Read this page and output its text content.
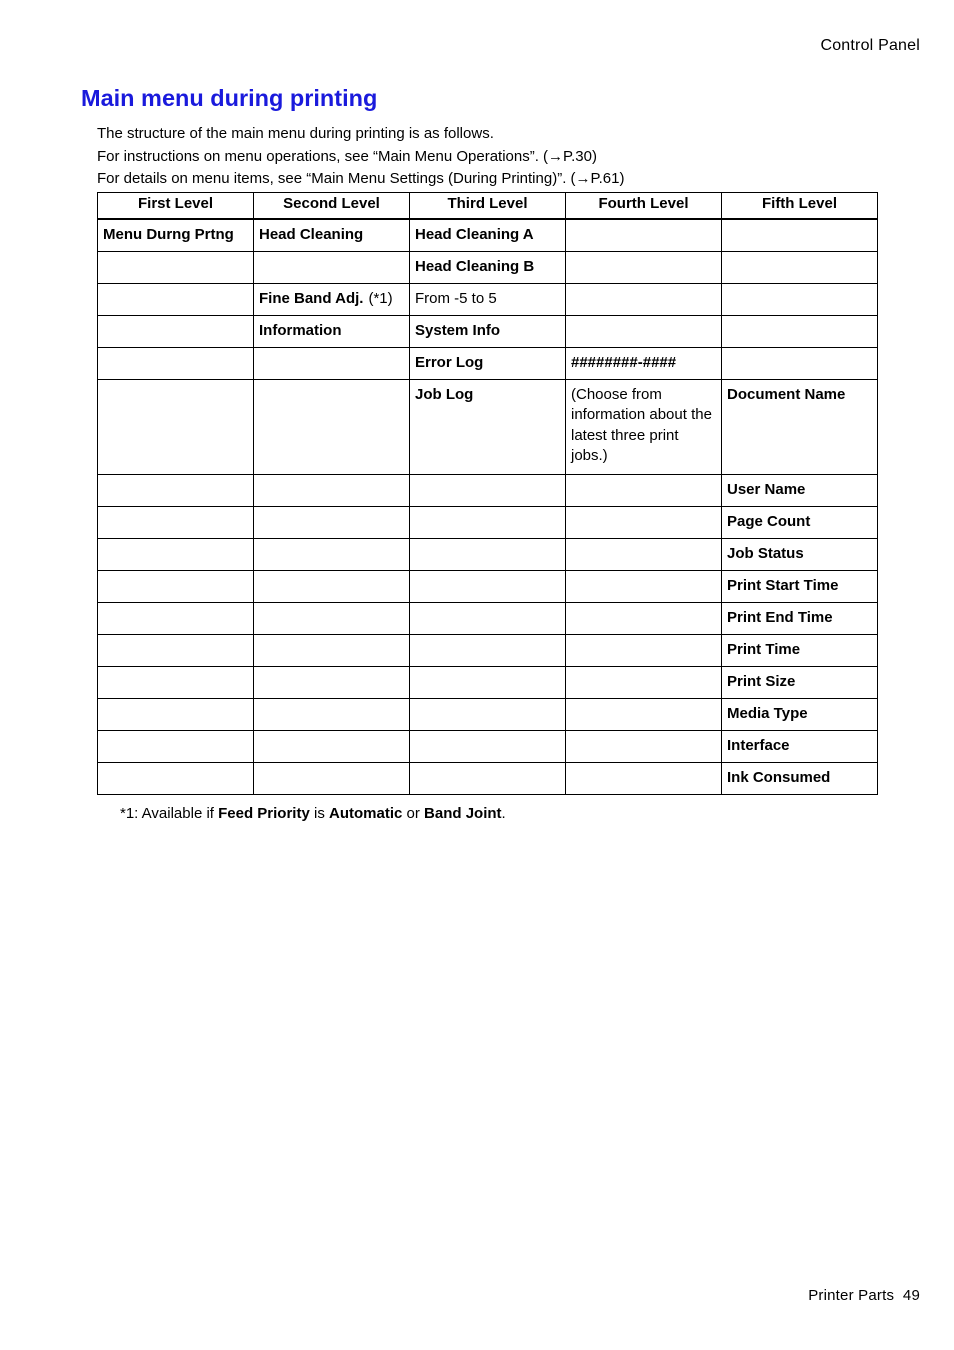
Control Panel
Main menu during printing
The structure of the main menu during printing is as follows.
For instructions on menu operations, see “Main Menu Operations”. (→P.30)
For details on menu items, see “Main Menu Settings (During Printing)”. (→P.61)
First Level	Second Level	Third Level	Fourth Level	Fifth Level
Menu Durng Prtng	Head Cleaning	Head Cleaning A		
		Head Cleaning B		
	Fine Band Adj. (*1)	From -5 to 5		
	Information	System Info		
		Error Log	########-####	
		Job Log	(Choose from information about the latest three print jobs.)	Document Name
				User Name
				Page Count
				Job Status
				Print Start Time
				Print End Time
				Print Time
				Print Size
				Media Type
				Interface
				Ink Consumed
*1: Available if Feed Priority is Automatic or Band Joint.
Printer Parts 49
